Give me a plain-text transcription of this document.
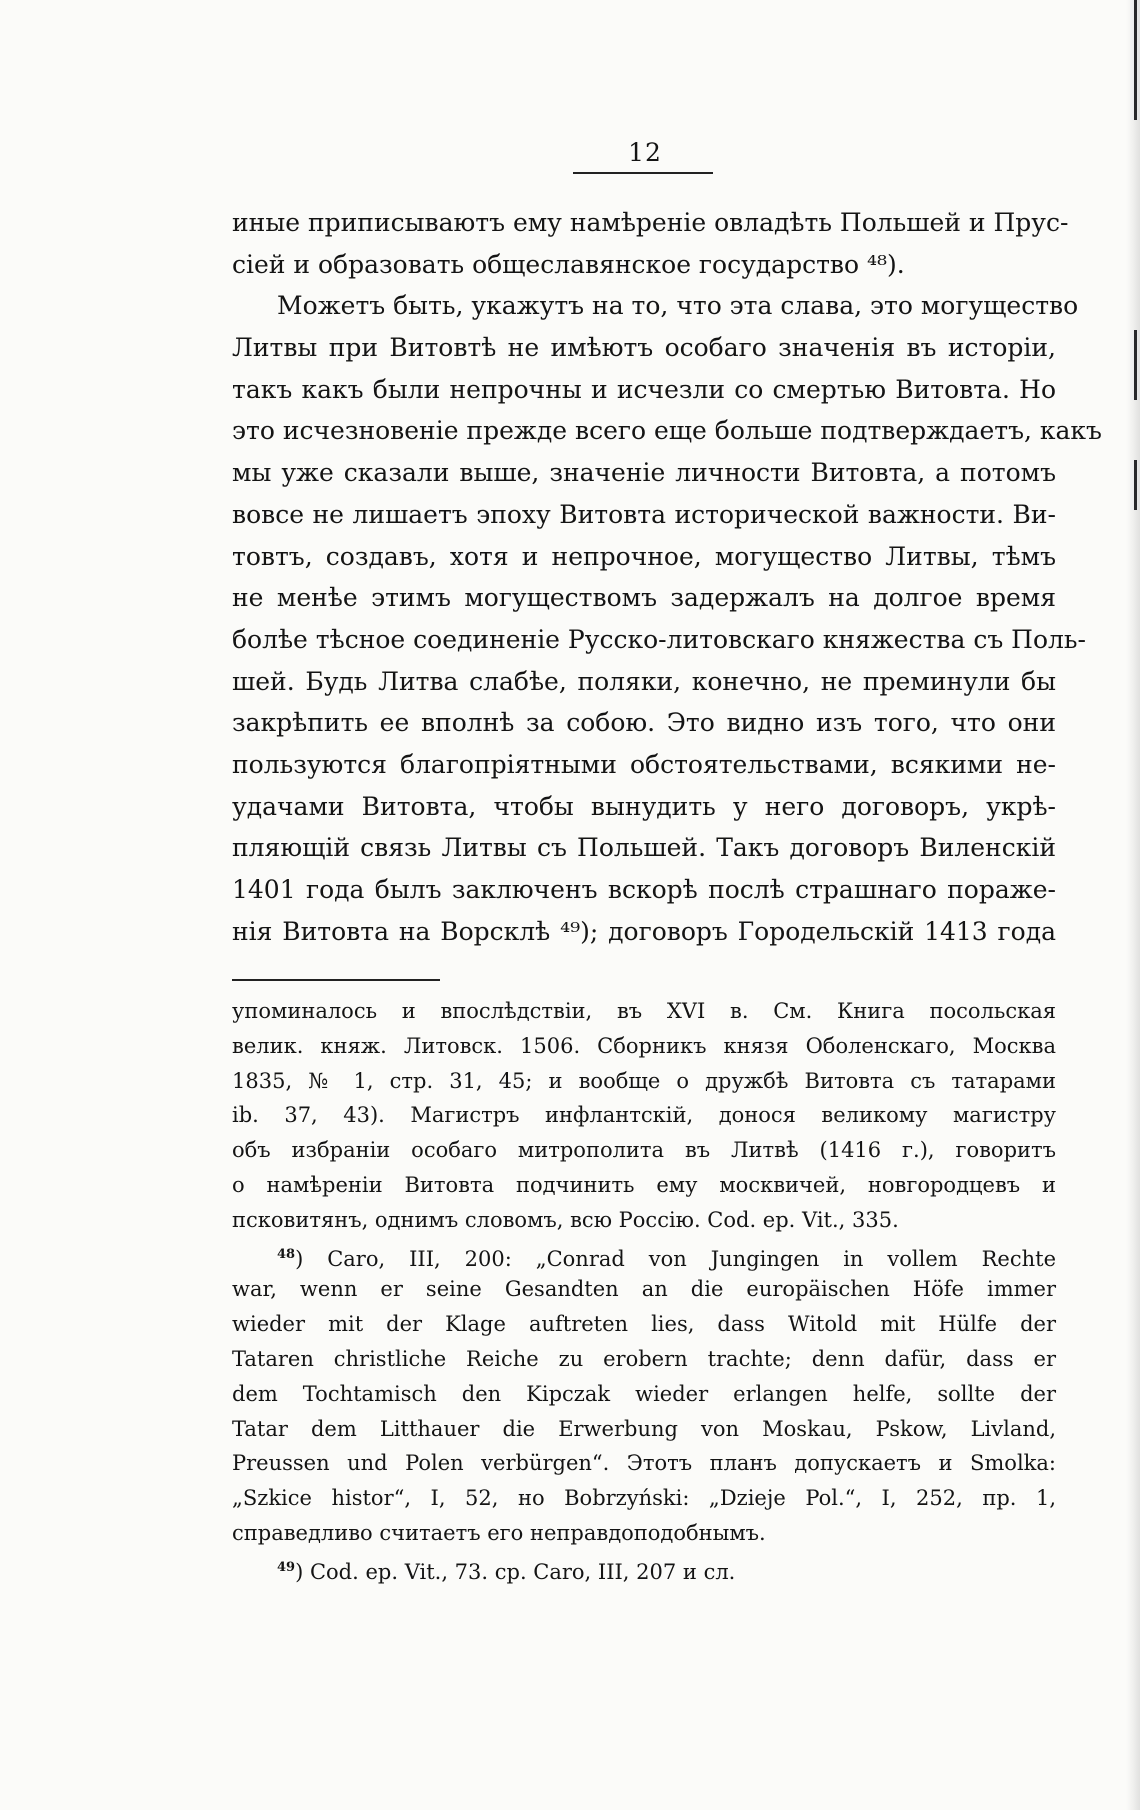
12
иные приписываютъ ему намѣреніе овладѣть Польшей и Прус-
сіей и образовать общеславянское государство ⁴⁸).
Можетъ быть, укажутъ на то, что эта слава, это могущество
Литвы при Витовтѣ не имѣютъ особаго значенія въ исторіи,
такъ какъ были непрочны и исчезли со смертью Витовта. Но
это исчезновеніе прежде всего еще больше подтверждаетъ, какъ
мы уже сказали выше, значеніе личности Витовта, а потомъ
вовсе не лишаетъ эпоху Витовта исторической важности. Ви-
товтъ, создавъ, хотя и непрочное, могущество Литвы, тѣмъ
не менѣе этимъ могуществомъ задержалъ на долгое время
болѣе тѣсное соединеніе Русско-литовскаго княжества съ Поль-
шей. Будь Литва слабѣе, поляки, конечно, не преминули бы
закрѣпить ее вполнѣ за собою. Это видно изъ того, что они
пользуются благопріятными обстоятельствами, всякими не-
удачами Витовта, чтобы вынудить у него договоръ, укрѣ-
пляющій связь Литвы съ Польшей. Такъ договоръ Виленскій
1401 года былъ заключенъ вскорѣ послѣ страшнаго пораже-
нія Витовта на Ворсклѣ ⁴⁹); договоръ Городельскій 1413 года
упоминалось и впослѣдствіи, въ XVI в. См. Книга посольская
велик. княж. Литовск. 1506. Сборникъ князя Оболенскаго, Москва
1835, № 1, стр. 31, 45; и вообще о дружбѣ Витовта съ татарами
ib. 37, 43). Магистръ инфлантскій, донося великому магистру
объ избраніи особаго митрополита въ Литвѣ (1416 г.), говоритъ
о намѣреніи Витовта подчинить ему москвичей, новгородцевъ и
псковитянъ, однимъ словомъ, всю Россію. Cod. ep. Vit., 335.
$^{48}$) Caro, III, 200: „Conrad von Jungingen in vollem Rechte
war, wenn er seine Gesandten an die europäischen Höfe immer
wieder mit der Klage auftreten lies, dass Witold mit Hülfe der
Tataren christliche Reiche zu erobern trachte; denn dafür, dass er
dem Tochtamisch den Kipczak wieder erlangen helfe, sollte der
Tatar dem Litthauer die Erwerbung von Moskau, Pskow, Livland,
Preussen und Polen verbürgen“. Этотъ планъ допускаетъ и Smolka:
„Szkice histor“, I, 52, но Bobrzyński: „Dzieje Pol.“, I, 252, пр. 1,
справедливо считаетъ его неправдоподобнымъ.
$^{49}$) Cod. ep. Vit., 73. ср. Caro, III, 207 и сл.
